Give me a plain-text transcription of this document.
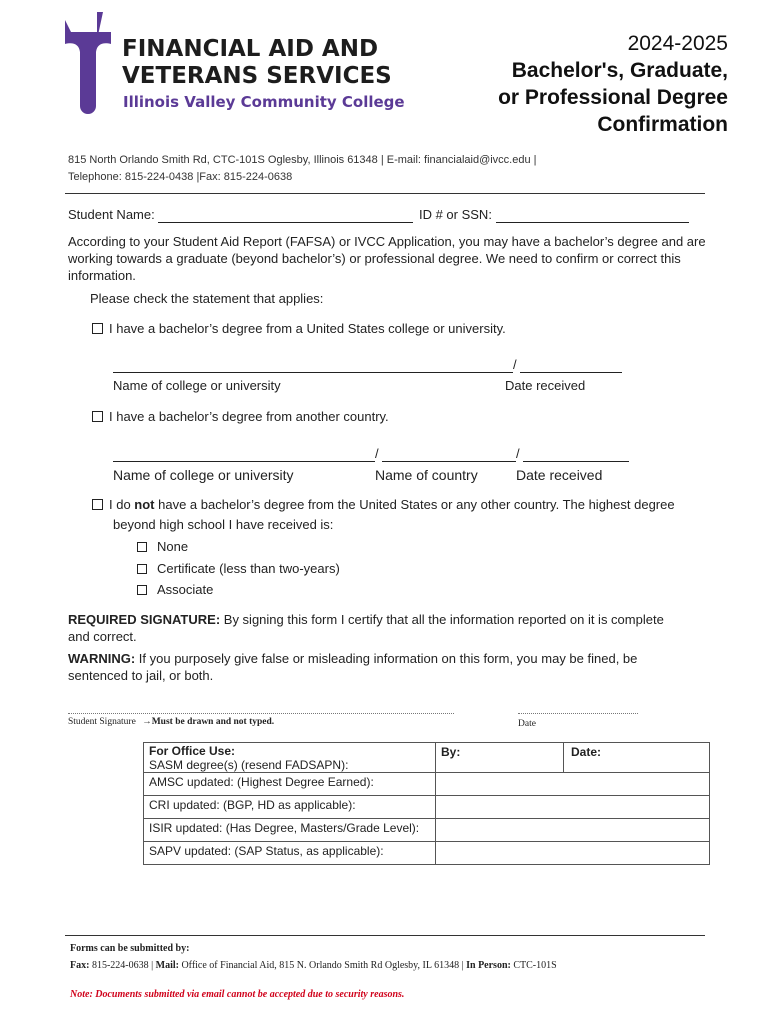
FINANCIAL AID AND
VETERANS SERVICES
Illinois Valley Community College
2024-2025
Bachelor's, Graduate,
or Professional Degree
Confirmation
815 North Orlando Smith Rd, CTC-101S Oglesby, Illinois 61348 | E-mail: financialaid@ivcc.edu |
Telephone: 815-224-0438 |Fax: 815-224-0638
Student Name:	ID # or SSN:
According to your Student Aid Report (FAFSA) or IVCC Application, you may have a bachelor’s degree and are working towards a graduate (beyond bachelor’s) or professional degree. We need to confirm or correct this information.
Please check the statement that applies:
I have a bachelor’s degree from a United States college or university.
/
Name of college or university	Date received
I have a bachelor’s degree from another country.
/	/
Name of college or university	Name of country	Date received
I do not have a bachelor’s degree from the United States or any other country. The highest degree
beyond high school I have received is:
None
Certificate (less than two-years)
Associate
REQUIRED SIGNATURE: By signing this form I certify that all the information reported on it is complete
and correct.
WARNING: If you purposely give false or misleading information on this form, you may be fined, be
sentenced to jail, or both.
Student Signature →Must be drawn and not typed.	Date
For Office Use:
SASM degree(s) (resend FADSAPN):	By:	Date:
AMSC updated: (Highest Degree Earned):		
CRI updated: (BGP, HD as applicable):		
ISIR updated: (Has Degree, Masters/Grade Level):		
SAPV updated: (SAP Status, as applicable):		
Forms can be submitted by:
Fax: 815-224-0638 | Mail: Office of Financial Aid, 815 N. Orlando Smith Rd Oglesby, IL 61348 | In Person: CTC-101S
Note: Documents submitted via email cannot be accepted due to security reasons.
